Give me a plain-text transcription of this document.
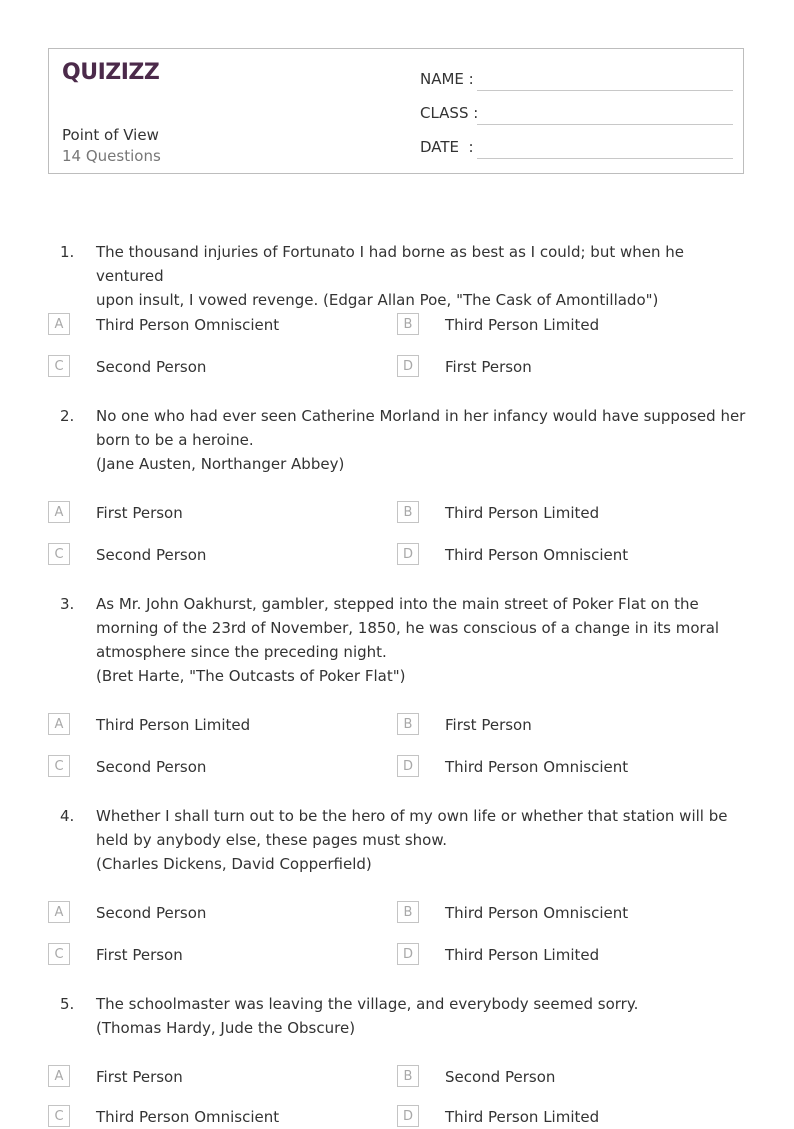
QUIZIZZ
Point of View
14 Questions
NAME :
CLASS :
DATE  :
1. The thousand injuries of Fortunato I had borne as best as I could; but when he ventured
upon insult, I vowed revenge. (Edgar Allan Poe, "The Cask of Amontillado")
A	Third Person Omniscient	B	Third Person Limited
C	Second Person	D	First Person
2. No one who had ever seen Catherine Morland in her infancy would have supposed her
born to be a heroine.
(Jane Austen, Northanger Abbey)
A	First Person	B	Third Person Limited
C	Second Person	D	Third Person Omniscient
3. As Mr. John Oakhurst, gambler, stepped into the main street of Poker Flat on the
morning of the 23rd of November, 1850, he was conscious of a change in its moral
atmosphere since the preceding night.
(Bret Harte, "The Outcasts of Poker Flat")
A	Third Person Limited	B	First Person
C	Second Person	D	Third Person Omniscient
4. Whether I shall turn out to be the hero of my own life or whether that station will be
held by anybody else, these pages must show.
(Charles Dickens, David Copperfield)
A	Second Person	B	Third Person Omniscient
C	First Person	D	Third Person Limited
5. The schoolmaster was leaving the village, and everybody seemed sorry.
(Thomas Hardy, Jude the Obscure)
A	First Person	B	Second Person
C	Third Person Omniscient	D	Third Person Limited
